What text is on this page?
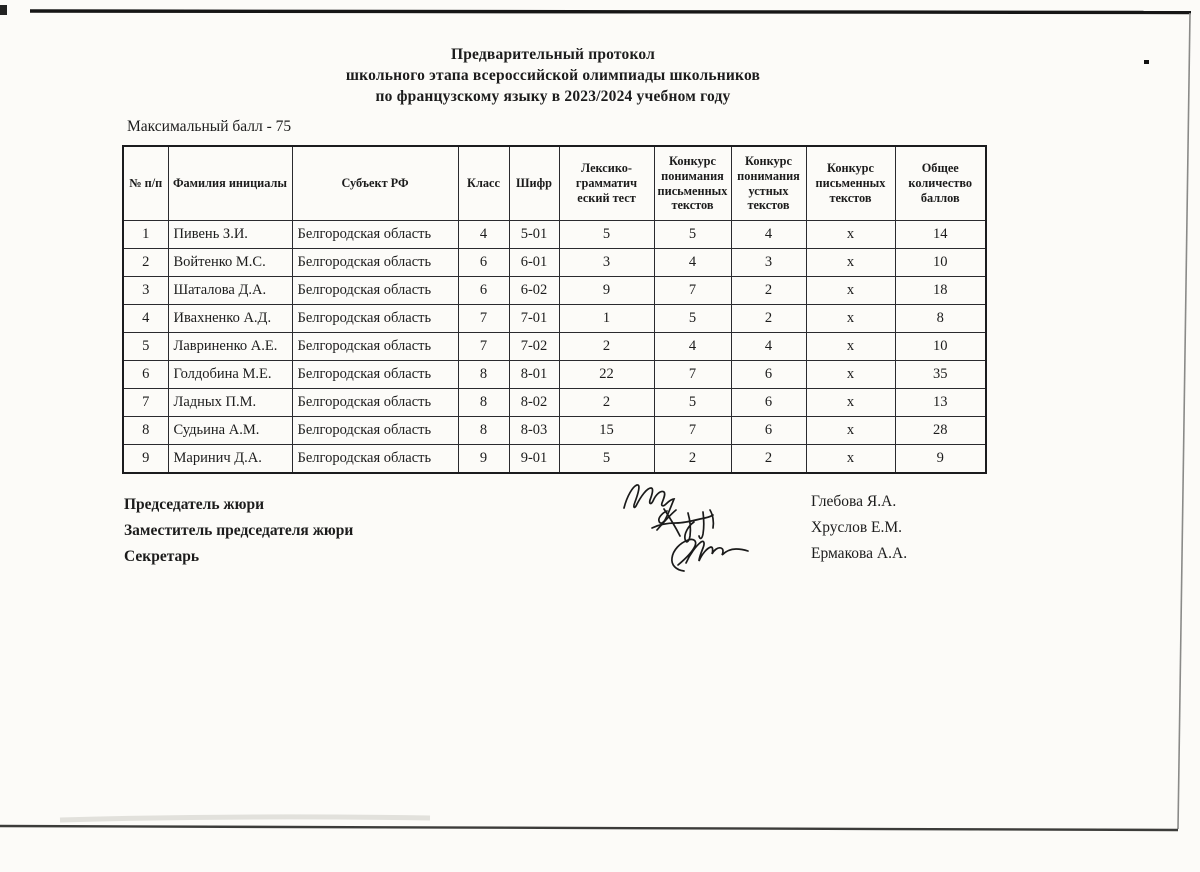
Предварительный протокол
школьного этапа всероссийской олимпиады школьников
по французскому языку в 2023/2024 учебном году
Максимальный балл - 75
№ п/п	Фамилия инициалы	Субъект РФ	Класс	Шифр	Лексико-грамматич еский тест	Конкурс понимания письменных текстов	Конкурс понимания устных текстов	Конкурс письменных текстов	Общее количество баллов
1	Пивень З.И.	Белгородская область	4	5-01	5	5	4	x	14
2	Войтенко М.С.	Белгородская область	6	6-01	3	4	3	x	10
3	Шаталова Д.А.	Белгородская область	6	6-02	9	7	2	x	18
4	Ивахненко А.Д.	Белгородская область	7	7-01	1	5	2	x	8
5	Лавриненко А.Е.	Белгородская область	7	7-02	2	4	4	x	10
6	Голдобина М.Е.	Белгородская область	8	8-01	22	7	6	x	35
7	Ладных П.М.	Белгородская область	8	8-02	2	5	6	x	13
8	Судьина А.М.	Белгородская область	8	8-03	15	7	6	x	28
9	Маринич Д.А.	Белгородская область	9	9-01	5	2	2	x	9
Председатель жюри
Заместитель председателя жюри
Секретарь
Глебова Я.А.
Хруслов Е.М.
Ермакова А.А.
